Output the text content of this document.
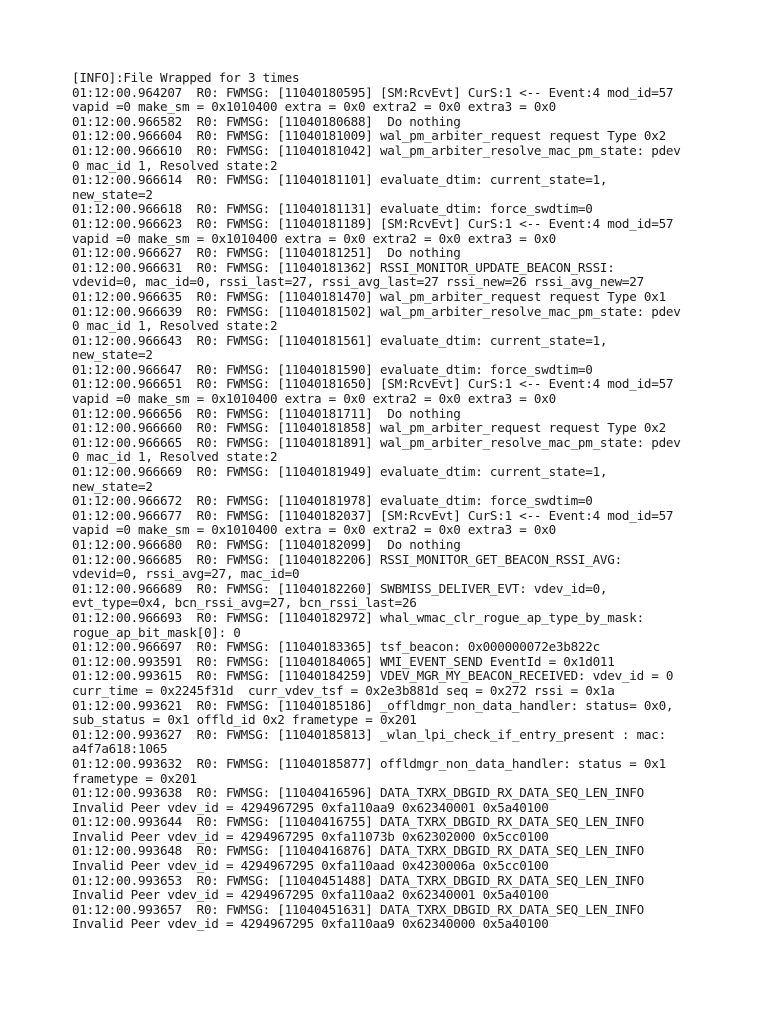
[INFO]:File Wrapped for 3 times
01:12:00.964207  R0: FWMSG: [11040180595] [SM:RcvEvt] CurS:1 <-- Event:4 mod_id=57
vapid =0 make_sm = 0x1010400 extra = 0x0 extra2 = 0x0 extra3 = 0x0
01:12:00.966582  R0: FWMSG: [11040180688]  Do nothing
01:12:00.966604  R0: FWMSG: [11040181009] wal_pm_arbiter_request request Type 0x2
01:12:00.966610  R0: FWMSG: [11040181042] wal_pm_arbiter_resolve_mac_pm_state: pdev
0 mac_id 1, Resolved state:2
01:12:00.966614  R0: FWMSG: [11040181101] evaluate_dtim: current_state=1,
new_state=2
01:12:00.966618  R0: FWMSG: [11040181131] evaluate_dtim: force_swdtim=0
01:12:00.966623  R0: FWMSG: [11040181189] [SM:RcvEvt] CurS:1 <-- Event:4 mod_id=57
vapid =0 make_sm = 0x1010400 extra = 0x0 extra2 = 0x0 extra3 = 0x0
01:12:00.966627  R0: FWMSG: [11040181251]  Do nothing
01:12:00.966631  R0: FWMSG: [11040181362] RSSI_MONITOR_UPDATE_BEACON_RSSI:
vdevid=0, mac_id=0, rssi_last=27, rssi_avg_last=27 rssi_new=26 rssi_avg_new=27
01:12:00.966635  R0: FWMSG: [11040181470] wal_pm_arbiter_request request Type 0x1
01:12:00.966639  R0: FWMSG: [11040181502] wal_pm_arbiter_resolve_mac_pm_state: pdev
0 mac_id 1, Resolved state:2
01:12:00.966643  R0: FWMSG: [11040181561] evaluate_dtim: current_state=1,
new_state=2
01:12:00.966647  R0: FWMSG: [11040181590] evaluate_dtim: force_swdtim=0
01:12:00.966651  R0: FWMSG: [11040181650] [SM:RcvEvt] CurS:1 <-- Event:4 mod_id=57
vapid =0 make_sm = 0x1010400 extra = 0x0 extra2 = 0x0 extra3 = 0x0
01:12:00.966656  R0: FWMSG: [11040181711]  Do nothing
01:12:00.966660  R0: FWMSG: [11040181858] wal_pm_arbiter_request request Type 0x2
01:12:00.966665  R0: FWMSG: [11040181891] wal_pm_arbiter_resolve_mac_pm_state: pdev
0 mac_id 1, Resolved state:2
01:12:00.966669  R0: FWMSG: [11040181949] evaluate_dtim: current_state=1,
new_state=2
01:12:00.966672  R0: FWMSG: [11040181978] evaluate_dtim: force_swdtim=0
01:12:00.966677  R0: FWMSG: [11040182037] [SM:RcvEvt] CurS:1 <-- Event:4 mod_id=57
vapid =0 make_sm = 0x1010400 extra = 0x0 extra2 = 0x0 extra3 = 0x0
01:12:00.966680  R0: FWMSG: [11040182099]  Do nothing
01:12:00.966685  R0: FWMSG: [11040182206] RSSI_MONITOR_GET_BEACON_RSSI_AVG:
vdevid=0, rssi_avg=27, mac_id=0
01:12:00.966689  R0: FWMSG: [11040182260] SWBMISS_DELIVER_EVT: vdev_id=0,
evt_type=0x4, bcn_rssi_avg=27, bcn_rssi_last=26
01:12:00.966693  R0: FWMSG: [11040182972] whal_wmac_clr_rogue_ap_type_by_mask:
rogue_ap_bit_mask[0]: 0
01:12:00.966697  R0: FWMSG: [11040183365] tsf_beacon: 0x000000072e3b822c
01:12:00.993591  R0: FWMSG: [11040184065] WMI_EVENT_SEND EventId = 0x1d011
01:12:00.993615  R0: FWMSG: [11040184259] VDEV_MGR_MY_BEACON_RECEIVED: vdev_id = 0
curr_time = 0x2245f31d  curr_vdev_tsf = 0x2e3b881d seq = 0x272 rssi = 0x1a
01:12:00.993621  R0: FWMSG: [11040185186] _offldmgr_non_data_handler: status= 0x0,
sub_status = 0x1 offld_id 0x2 frametype = 0x201
01:12:00.993627  R0: FWMSG: [11040185813] _wlan_lpi_check_if_entry_present : mac:
a4f7a618:1065
01:12:00.993632  R0: FWMSG: [11040185877] offldmgr_non_data_handler: status = 0x1
frametype = 0x201
01:12:00.993638  R0: FWMSG: [11040416596] DATA_TXRX_DBGID_RX_DATA_SEQ_LEN_INFO
Invalid Peer vdev_id = 4294967295 0xfa110aa9 0x62340001 0x5a40100
01:12:00.993644  R0: FWMSG: [11040416755] DATA_TXRX_DBGID_RX_DATA_SEQ_LEN_INFO
Invalid Peer vdev_id = 4294967295 0xfa11073b 0x62302000 0x5cc0100
01:12:00.993648  R0: FWMSG: [11040416876] DATA_TXRX_DBGID_RX_DATA_SEQ_LEN_INFO
Invalid Peer vdev_id = 4294967295 0xfa110aad 0x4230006a 0x5cc0100
01:12:00.993653  R0: FWMSG: [11040451488] DATA_TXRX_DBGID_RX_DATA_SEQ_LEN_INFO
Invalid Peer vdev_id = 4294967295 0xfa110aa2 0x62340001 0x5a40100
01:12:00.993657  R0: FWMSG: [11040451631] DATA_TXRX_DBGID_RX_DATA_SEQ_LEN_INFO
Invalid Peer vdev_id = 4294967295 0xfa110aa9 0x62340000 0x5a40100
